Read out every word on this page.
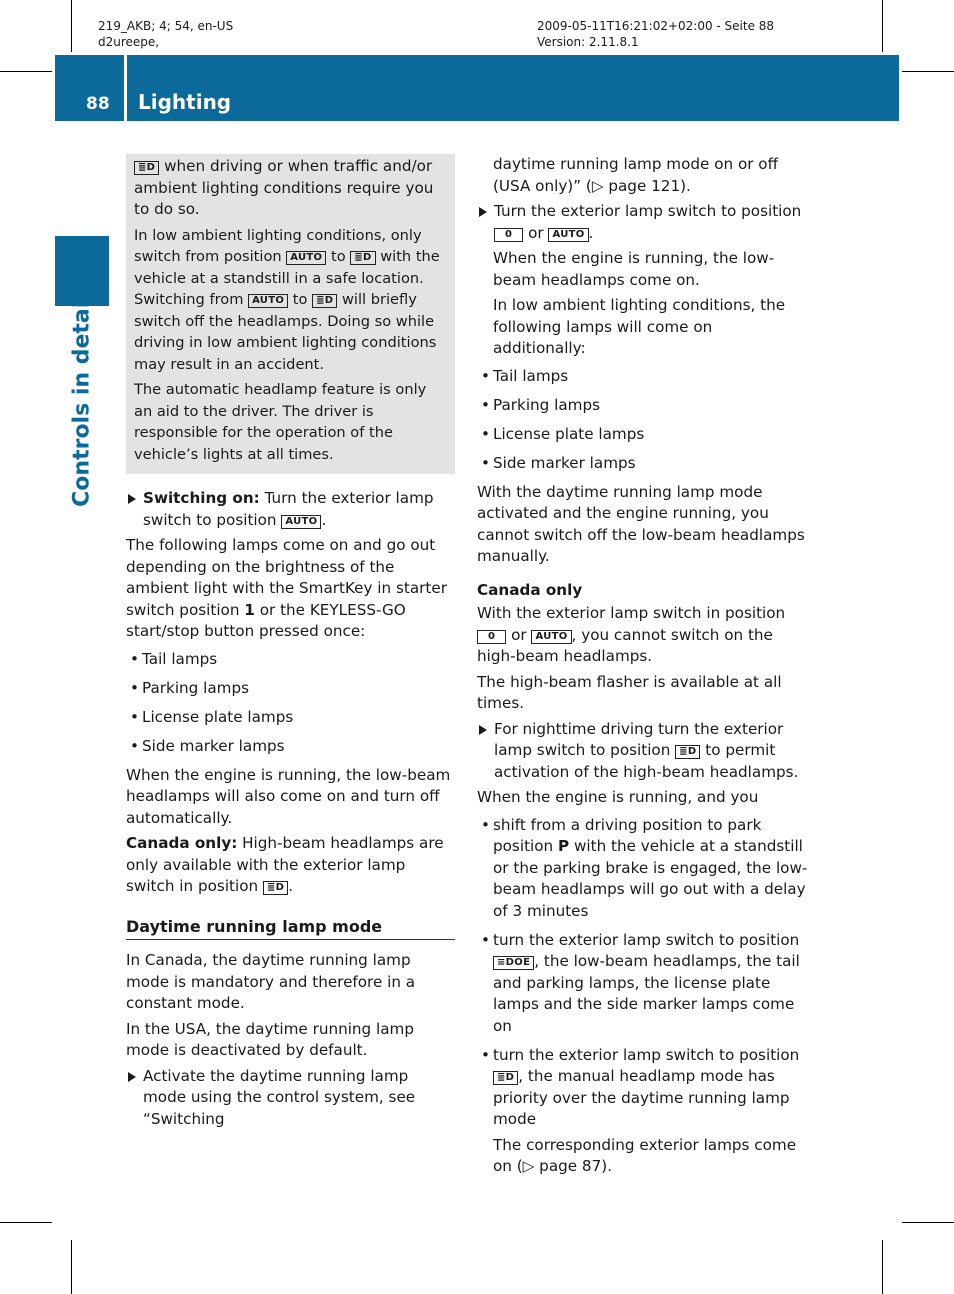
219_AKB; 4; 54, en-US
d2ureepe,
2009-05-11T16:21:02+02:00 - Seite 88
Version: 2.11.8.1
88 Lighting
Controls in detail

≣D when driving or when traffic and/or ambient lighting conditions require you to do so.

In low ambient lighting conditions, only switch from position AUTO to ≣D with the vehicle at a standstill in a safe location. Switching from AUTO to ≣D will briefly switch off the headlamps. Doing so while driving in low ambient lighting conditions may result in an accident.

The automatic headlamp feature is only an aid to the driver. The driver is responsible for the operation of the vehicle’s lights at all times.

Switching on: Turn the exterior lamp switch to position AUTO .

The following lamps come on and go out depending on the brightness of the ambient light with the SmartKey in starter switch position 1 or the KEYLESS-GO start/stop button pressed once:

• Tail lamps
• Parking lamps
• License plate lamps
• Side marker lamps

When the engine is running, the low-beam headlamps will also come on and turn off automatically.

Canada only: High-beam headlamps are only available with the exterior lamp switch in position ≣D .

Daytime running lamp mode

In Canada, the daytime running lamp mode is mandatory and therefore in a constant mode.

In the USA, the daytime running lamp mode is deactivated by default.

Activate the daytime running lamp mode using the control system, see “Switching

daytime running lamp mode on or off (USA only)” (▷ page 121).

Turn the exterior lamp switch to position 0 or AUTO .

When the engine is running, the low-beam headlamps come on.

In low ambient lighting conditions, the following lamps will come on additionally:

• Tail lamps
• Parking lamps
• License plate lamps
• Side marker lamps

With the daytime running lamp mode activated and the engine running, you cannot switch off the low-beam headlamps manually.

Canada only

With the exterior lamp switch in position 0 or AUTO , you cannot switch on the high-beam headlamps.

The high-beam flasher is available at all times.

For nighttime driving turn the exterior lamp switch to position ≣D to permit activation of the high-beam headlamps.

When the engine is running, and you

• shift from a driving position to park position P with the vehicle at a standstill or the parking brake is engaged, the low-beam headlamps will go out with a delay of 3 minutes
• turn the exterior lamp switch to position ≡DOE , the low-beam headlamps, the tail and parking lamps, the license plate lamps and the side marker lamps come on
• turn the exterior lamp switch to position ≣D , the manual headlamp mode has priority over the daytime running lamp mode
The corresponding exterior lamps come on (▷ page 87).
